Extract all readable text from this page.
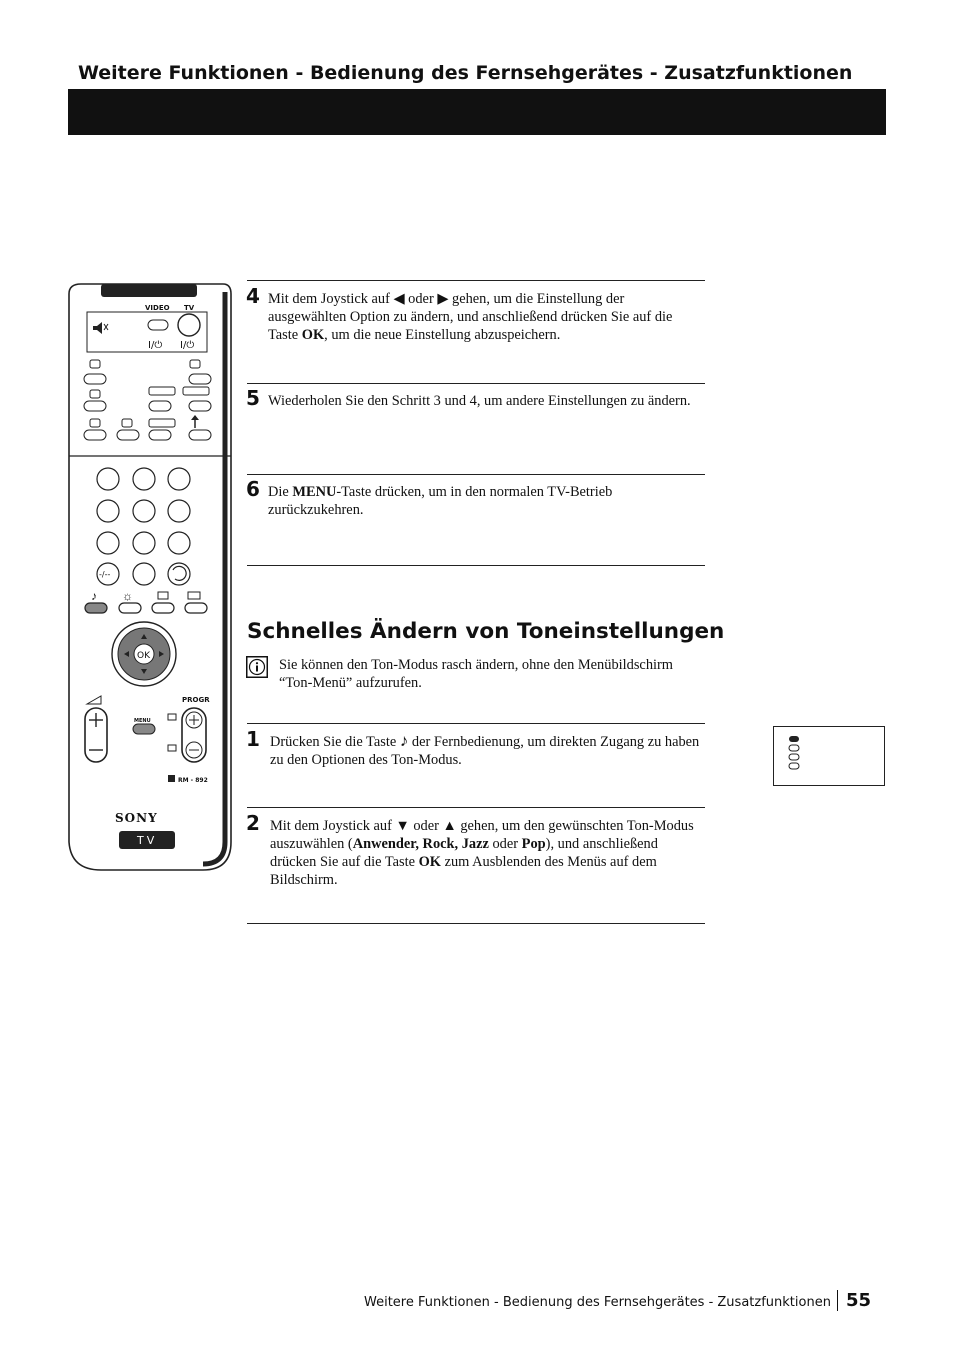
Weitere Funktionen - Bedienung des Fernsehgerätes - Zusatzfunktionen
VIDEO TV
I/⏻ I/⏻
-/--
♪ ☼
OK
PROGR
MENU
RM - 892
SONY
TV
4 Mit dem Joystick auf ◀ oder ▶ gehen, um die Einstellung der ausgewählten Option zu ändern, und anschließend drücken Sie auf die Taste OK, um die neue Einstellung abzuspeichern.
5 Wiederholen Sie den Schritt 3 und 4, um andere Einstellungen zu ändern.
6 Die MENU-Taste drücken, um in den normalen TV-Betrieb zurückzukehren.
Schnelles Ändern von Toneinstellungen
Sie können den Ton-Modus rasch ändern, ohne den Menübildschirm “Ton-Menü” aufzurufen.
1 Drücken Sie die Taste ♪ der Fernbedienung, um direkten Zugang zu haben zu den Optionen des Ton-Modus.
2 Mit dem Joystick auf ▼ oder ▲ gehen, um den gewünschten Ton-Modus auszuwählen (Anwender, Rock, Jazz oder Pop), und anschließend drücken Sie auf die Taste OK zum Ausblenden des Menüs auf dem Bildschirm.
Weitere Funktionen - Bedienung des Fernsehgerätes - Zusatzfunktionen 55
